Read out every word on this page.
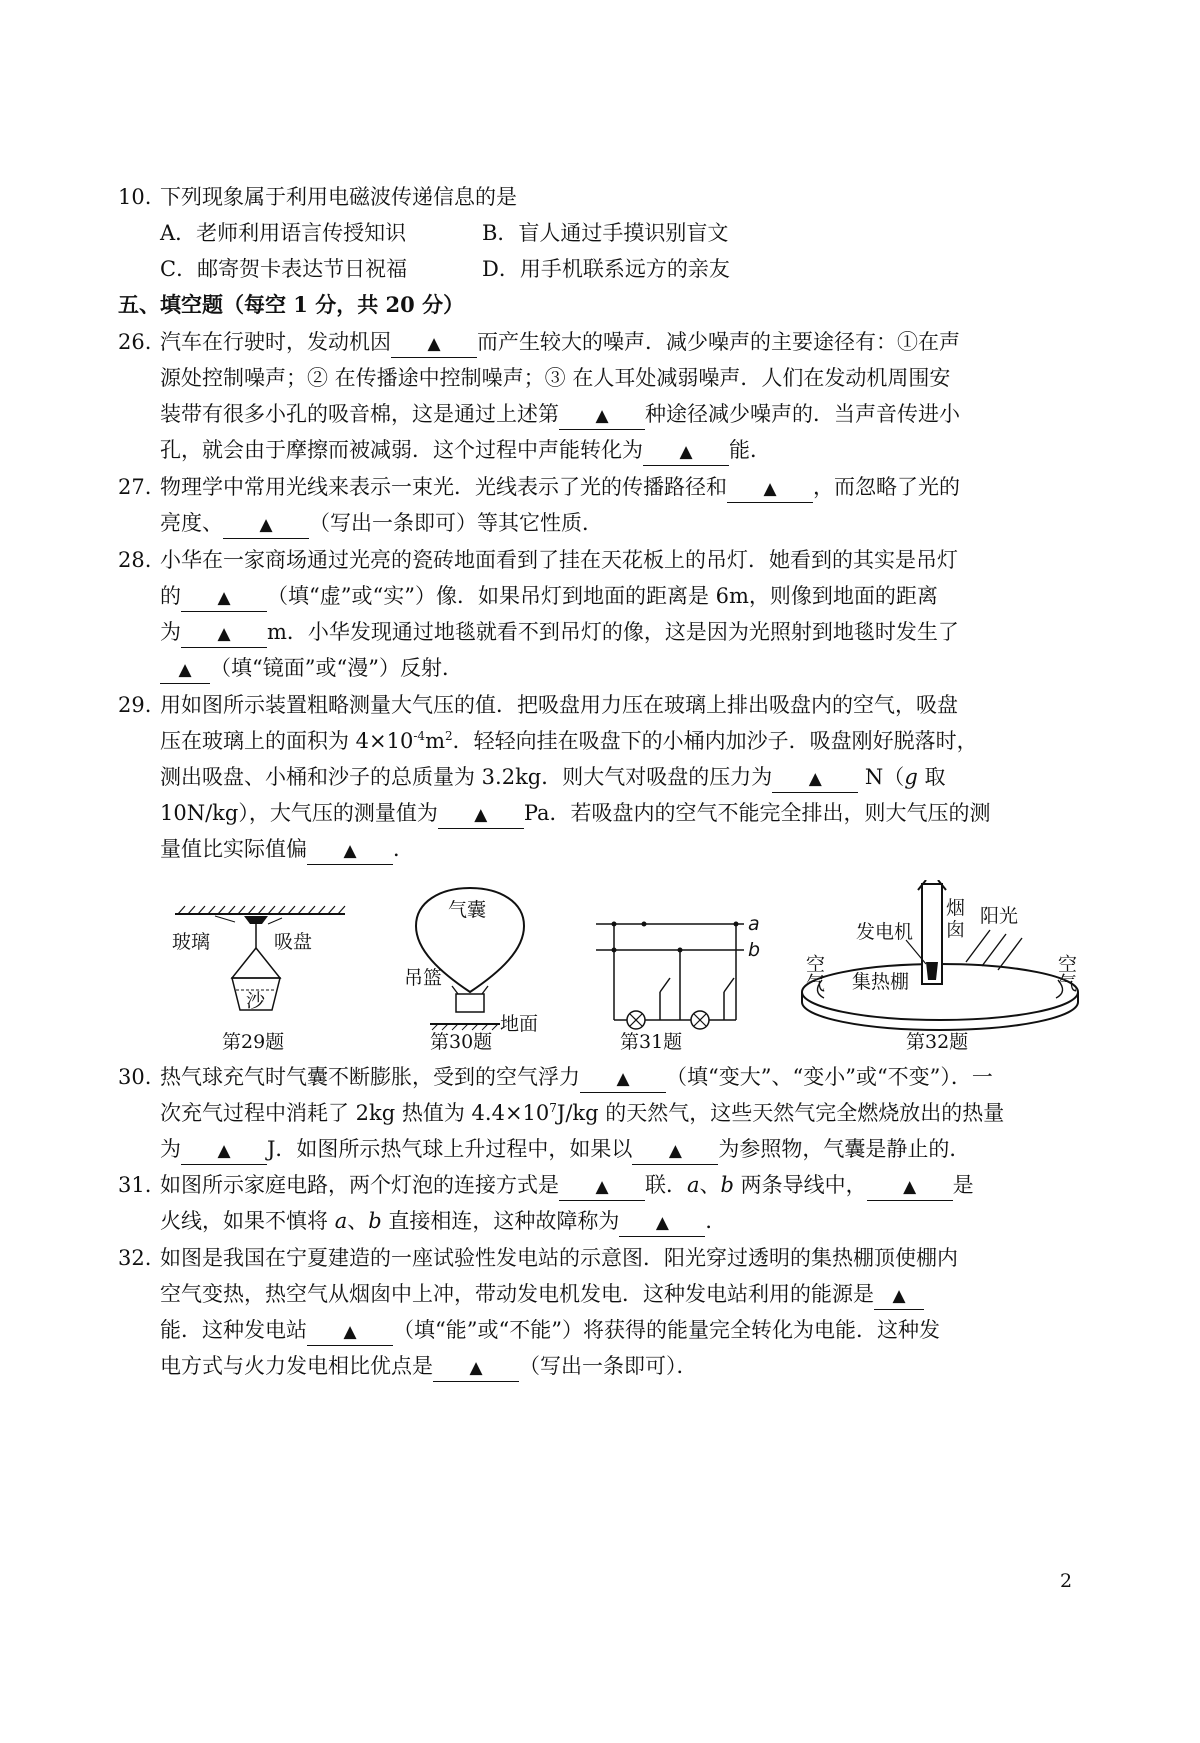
10. 下列现象属于利用电磁波传递信息的是
A．老师利用语言传授知识	B．盲人通过手摸识别盲文
C．邮寄贺卡表达节日祝福	D．用手机联系远方的亲友
五、填空题（每空 1 分，共 20 分）
26. 汽车在行驶时，发动机因 ▲ 而产生较大的噪声．减少噪声的主要途径有：①在声
源处控制噪声；② 在传播途中控制噪声；③ 在人耳处减弱噪声．人们在发动机周围安
装带有很多小孔的吸音棉，这是通过上述第 ▲ 种途径减少噪声的．当声音传进小
孔，就会由于摩擦而被减弱．这个过程中声能转化为 ▲ 能．
27. 物理学中常用光线来表示一束光．光线表示了光的传播路径和 ▲ ，而忽略了光的
亮度、 ▲ （写出一条即可）等其它性质．
28. 小华在一家商场通过光亮的瓷砖地面看到了挂在天花板上的吊灯．她看到的其实是吊灯
的 ▲ （填“虚”或“实”）像．如果吊灯到地面的距离是 6m，则像到地面的距离
为 ▲ m．小华发现通过地毯就看不到吊灯的像，这是因为光照射到地毯时发生了
▲ （填“镜面”或“漫”）反射．
29. 用如图所示装置粗略测量大气压的值．把吸盘用力压在玻璃上排出吸盘内的空气，吸盘
压在玻璃上的面积为 $4\times 10^{-4}m^2$．轻轻向挂在吸盘下的小桶内加沙子．吸盘刚好脱落时，
测出吸盘、小桶和沙子的总质量为 3.2kg．则大气对吸盘的压力为 ▲ N（g 取
10N/kg），大气压的测量值为 ▲ Pa．若吸盘内的空气不能完全排出，则大气压的测
量值比实际值偏 ▲ ．
玻璃	吸盘
沙
第29题
气囊
吊篮
地面
第30题
a
b
第31题
烟
囱
阳光
发电机
集热棚
空气	空气
第32题
30. 热气球充气时气囊不断膨胀，受到的空气浮力 ▲ （填“变大”、“变小”或“不变”）．一
次充气过程中消耗了 2kg 热值为 $4.4\times 10^7J/kg$ 的天然气，这些天然气完全燃烧放出的热量
为 ▲ J．如图所示热气球上升过程中，如果以 ▲ 为参照物，气囊是静止的．
31. 如图所示家庭电路，两个灯泡的连接方式是 ▲ 联．a、b 两条导线中， ▲ 是
火线，如果不慎将 a、b 直接相连，这种故障称为 ▲ ．
32. 如图是我国在宁夏建造的一座试验性发电站的示意图．阳光穿过透明的集热棚顶使棚内
空气变热，热空气从烟囱中上冲，带动发电机发电．这种发电站利用的能源是 ▲
能．这种发电站 ▲ （填“能”或“不能”）将获得的能量完全转化为电能．这种发
电方式与火力发电相比优点是 ▲ （写出一条即可）．
2
